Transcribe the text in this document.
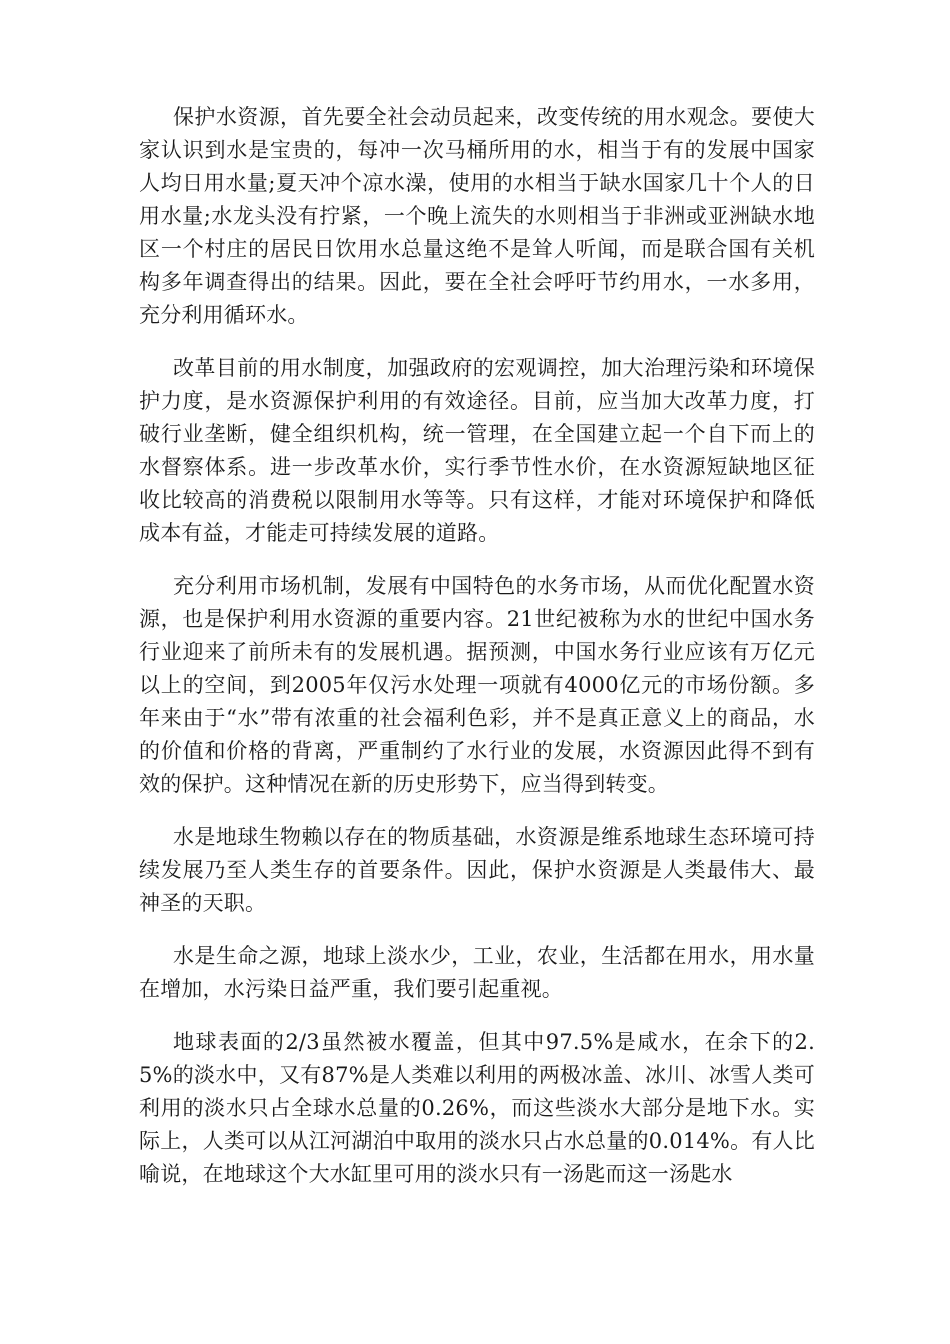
保护水资源，首先要全社会动员起来，改变传统的用水观念。要使大家认识到水是宝贵的，每冲一次马桶所用的水，相当于有的发展中国家人均日用水量;夏天冲个凉水澡，使用的水相当于缺水国家几十个人的日用水量;水龙头没有拧紧，一个晚上流失的水则相当于非洲或亚洲缺水地区一个村庄的居民日饮用水总量这绝不是耸人听闻，而是联合国有关机构多年调查得出的结果。因此，要在全社会呼吁节约用水，一水多用，充分利用循环水。

改革目前的用水制度，加强政府的宏观调控，加大治理污染和环境保护力度，是水资源保护利用的有效途径。目前，应当加大改革力度，打破行业垄断，健全组织机构，统一管理，在全国建立起一个自下而上的水督察体系。进一步改革水价，实行季节性水价，在水资源短缺地区征收比较高的消费税以限制用水等等。只有这样，才能对环境保护和降低成本有益，才能走可持续发展的道路。

充分利用市场机制，发展有中国特色的水务市场，从而优化配置水资源，也是保护利用水资源的重要内容。21世纪被称为水的世纪中国水务行业迎来了前所未有的发展机遇。据预测，中国水务行业应该有万亿元以上的空间，到2005年仅污水处理一项就有4000亿元的市场份额。多年来由于“水”带有浓重的社会福利色彩，并不是真正意义上的商品，水的价值和价格的背离，严重制约了水行业的发展，水资源因此得不到有效的保护。这种情况在新的历史形势下，应当得到转变。

水是地球生物赖以存在的物质基础，水资源是维系地球生态环境可持续发展乃至人类生存的首要条件。因此，保护水资源是人类最伟大、最神圣的天职。

水是生命之源，地球上淡水少，工业，农业，生活都在用水，用水量在增加，水污染日益严重，我们要引起重视。

地球表面的2/3虽然被水覆盖，但其中97.5%是咸水，在余下的2.5%的淡水中，又有87%是人类难以利用的两极冰盖、冰川、冰雪人类可利用的淡水只占全球水总量的0.26%，而这些淡水大部分是地下水。实际上，人类可以从江河湖泊中取用的淡水只占水总量的0.014%。有人比喻说，在地球这个大水缸里可用的淡水只有一汤匙而这一汤匙水
